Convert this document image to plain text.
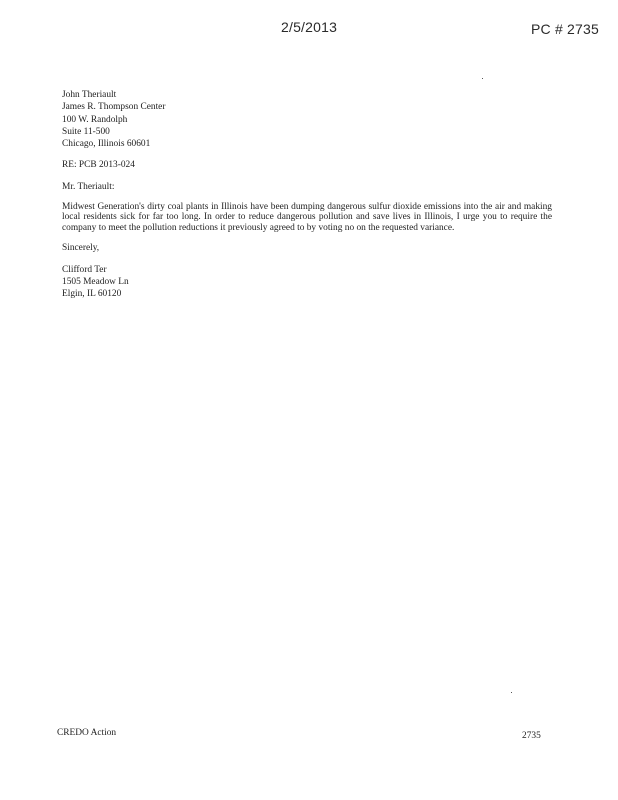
2/5/2013	PC # 2735
John Theriault
James R. Thompson Center
100 W. Randolph
Suite 11-500
Chicago, Illinois 60601
RE: PCB 2013-024
Mr. Theriault:
Midwest Generation's dirty coal plants in Illinois have been dumping dangerous sulfur dioxide emissions into the air and making local residents sick for far too long. In order to reduce dangerous pollution and save lives in Illinois, I urge you to require the company to meet the pollution reductions it previously agreed to by voting no on the requested variance.
Sincerely,
Clifford Ter
1505 Meadow Ln
Elgin, IL 60120
CREDO Action	2735
